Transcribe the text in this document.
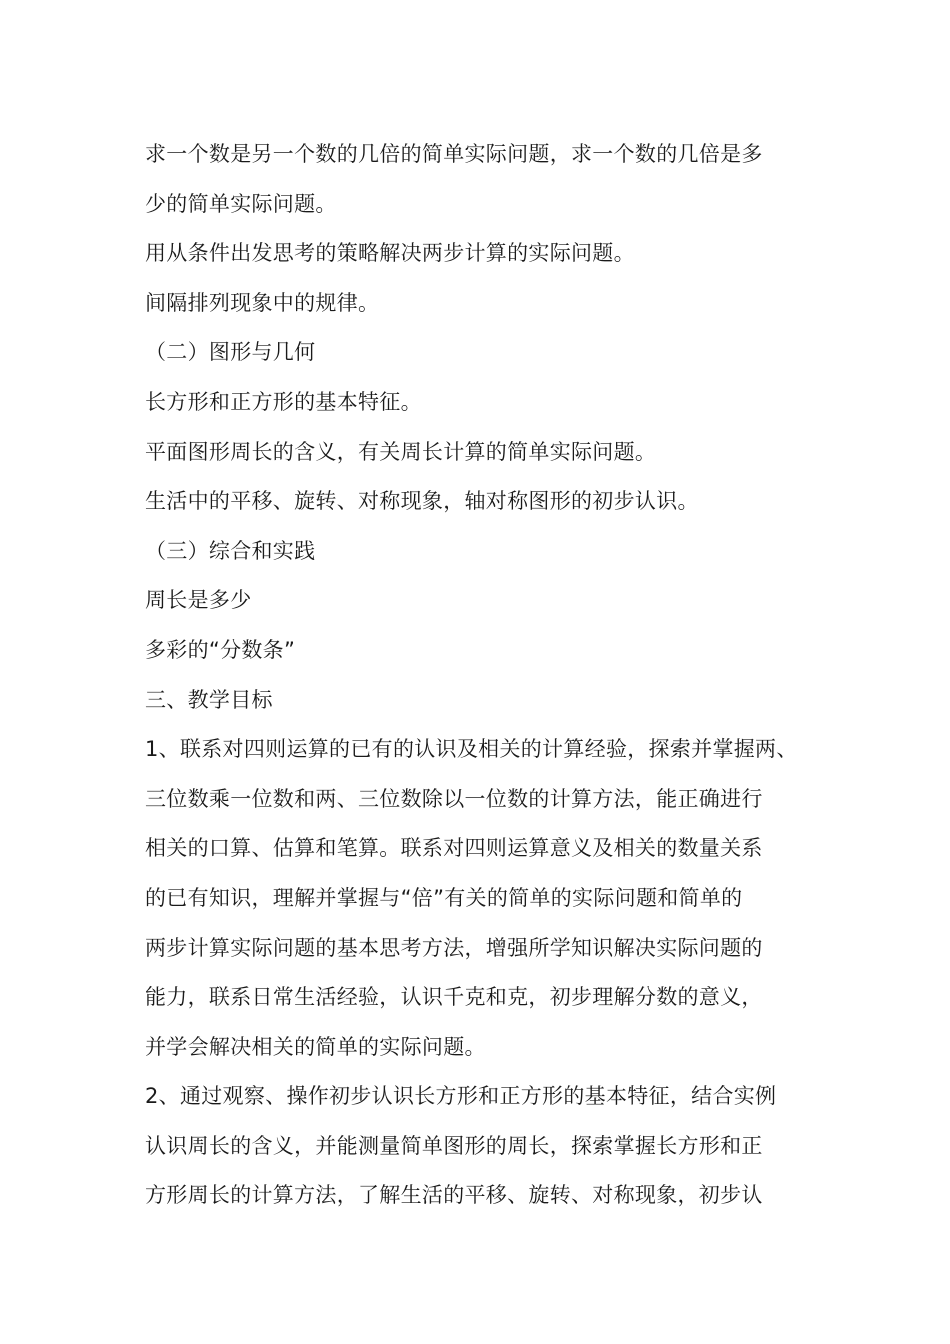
求一个数是另一个数的几倍的简单实际问题，求一个数的几倍是多
少的简单实际问题。
用从条件出发思考的策略解决两步计算的实际问题。
间隔排列现象中的规律。
（二）图形与几何
长方形和正方形的基本特征。
平面图形周长的含义，有关周长计算的简单实际问题。
生活中的平移、旋转、对称现象，轴对称图形的初步认识。
（三）综合和实践
周长是多少
多彩的“分数条”
三、教学目标
1、联系对四则运算的已有的认识及相关的计算经验，探索并掌握两、
三位数乘一位数和两、三位数除以一位数的计算方法，能正确进行
相关的口算、估算和笔算。联系对四则运算意义及相关的数量关系
的已有知识，理解并掌握与“倍”有关的简单的实际问题和简单的
两步计算实际问题的基本思考方法，增强所学知识解决实际问题的
能力，联系日常生活经验，认识千克和克，初步理解分数的意义，
并学会解决相关的简单的实际问题。
2、通过观察、操作初步认识长方形和正方形的基本特征，结合实例
认识周长的含义，并能测量简单图形的周长，探索掌握长方形和正
方形周长的计算方法，了解生活的平移、旋转、对称现象，初步认
